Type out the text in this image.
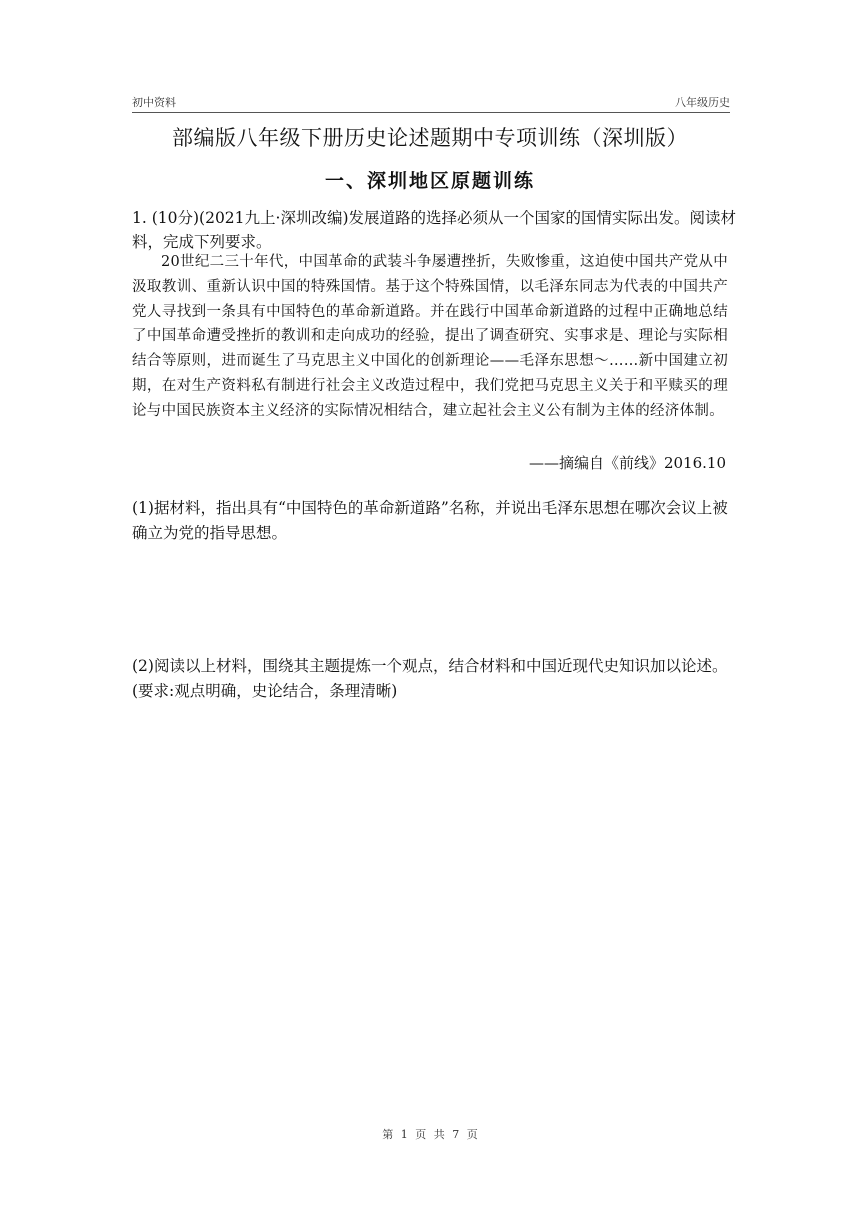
初中资料	八年级历史
部编版八年级下册历史论述题期中专项训练（深圳版）
一、深圳地区原题训练

1. (10分)(2021九上·深圳改编)发展道路的选择必须从一个国家的国情实际出发。阅读材料，完成下列要求。

20世纪二三十年代，中国革命的武装斗争屡遭挫折，失败惨重，这迫使中国共产党从中汲取教训、重新认识中国的特殊国情。基于这个特殊国情，以毛泽东同志为代表的中国共产党人寻找到一条具有中国特色的革命新道路。并在践行中国革命新道路的过程中正确地总结了中国革命遭受挫折的教训和走向成功的经验，提出了调查研究、实事求是、理论与实际相结合等原则，进而诞生了马克思主义中国化的创新理论——毛泽东思想～……新中国建立初期，在对生产资料私有制进行社会主义改造过程中，我们党把马克思主义关于和平赎买的理论与中国民族资本主义经济的实际情况相结合，建立起社会主义公有制为主体的经济体制。

——摘编自《前线》2016.10

(1)据材料，指出具有“中国特色的革命新道路”名称，并说出毛泽东思想在哪次会议上被确立为党的指导思想。

(2)阅读以上材料，围绕其主题提炼一个观点，结合材料和中国近现代史知识加以论述。(要求:观点明确，史论结合，条理清晰)

第 1 页 共 7 页
